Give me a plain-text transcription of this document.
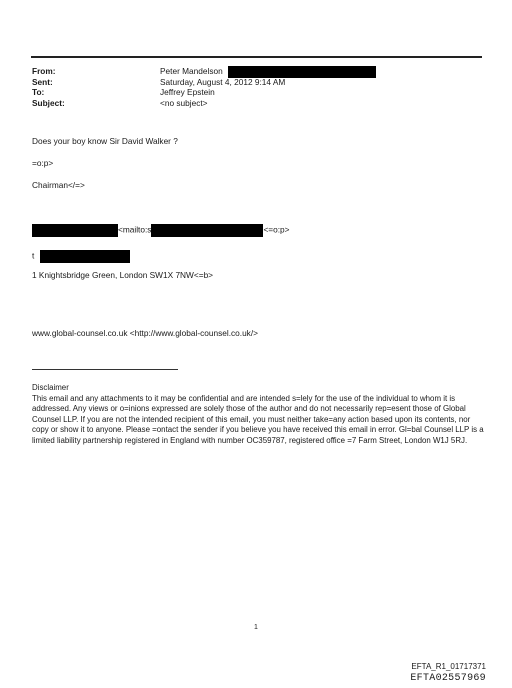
From:	Peter Mandelson
Sent:	Saturday, August 4, 2012 9:14 AM
To:	Jeffrey Epstein
Subject:	<no subject>
Does your boy know Sir David Walker ?
=o:p>
Chairman</=>
<mailto:s	<=o:p>
t
1 Knightsbridge Green, London SW1X 7NW<=b>
www.global-counsel.co.uk <http://www.global-counsel.co.uk/>
Disclaimer
This email and any attachments to it may be confidential and are intended s=lely for the use of the individual to whom it is addressed. Any views or o=inions expressed are solely those of the author and do not necessarily rep=esent those of Global Counsel LLP. If you are not the intended recipient of this email, you must neither take=any action based upon its contents, nor copy or show it to anyone. Please =ontact the sender if you believe you have received this email in error. Gl=bal Counsel LLP is a limited liability partnership registered in England with number OC359787, registered office =7 Farm Street, London W1J 5RJ.
1
EFTA_R1_01717371
EFTA02557969
